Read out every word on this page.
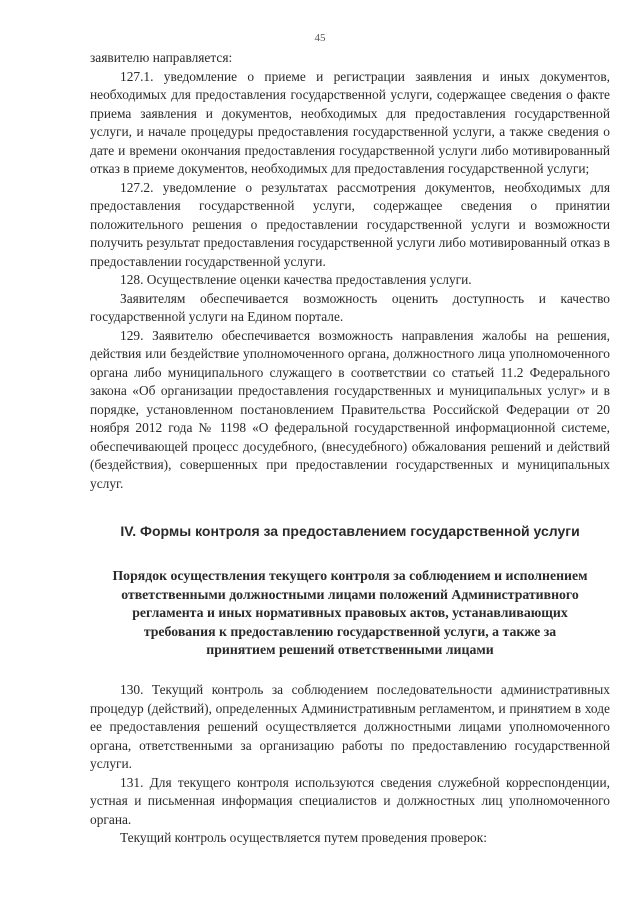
45

заявителю направляется:

127.1. уведомление о приеме и регистрации заявления и иных документов, необходимых для предоставления государственной услуги, содержащее сведения о факте приема заявления и документов, необходимых для предоставления государственной услуги, и начале процедуры предоставления государственной услуги, а также сведения о дате и времени окончания предоставления государственной услуги либо мотивированный отказ в приеме документов, необходимых для предоставления государственной услуги;

127.2. уведомление о результатах рассмотрения документов, необходимых для предоставления государственной услуги, содержащее сведения о принятии положительного решения о предоставлении государственной услуги и возможности получить результат предоставления государственной услуги либо мотивированный отказ в предоставлении государственной услуги.

128. Осуществление оценки качества предоставления услуги.

Заявителям обеспечивается возможность оценить доступность и качество государственной услуги на Едином портале.

129. Заявителю обеспечивается возможность направления жалобы на решения, действия или бездействие уполномоченного органа, должностного лица уполномоченного органа либо муниципального служащего в соответствии со статьей 11.2 Федерального закона «Об организации предоставления государственных и муниципальных услуг» и в порядке, установленном постановлением Правительства Российской Федерации от 20 ноября 2012 года № 1198 «О федеральной государственной информационной системе, обеспечивающей процесс досудебного, (внесудебного) обжалования решений и действий (бездействия), совершенных при предоставлении государственных и муниципальных услуг.

IV. Формы контроля за предоставлением государственной услуги
Порядок осуществления текущего контроля за соблюдением и исполнением ответственными должностными лицами положений Административного регламента и иных нормативных правовых актов, устанавливающих требования к предоставлению государственной услуги, а также за принятием решений ответственными лицами

130. Текущий контроль за соблюдением последовательности административных процедур (действий), определенных Административным регламентом, и принятием в ходе ее предоставления решений осуществляется должностными лицами уполномоченного органа, ответственными за организацию работы по предоставлению государственной услуги.

131. Для текущего контроля используются сведения служебной корреспонденции, устная и письменная информация специалистов и должностных лиц уполномоченного органа.

Текущий контроль осуществляется путем проведения проверок:
